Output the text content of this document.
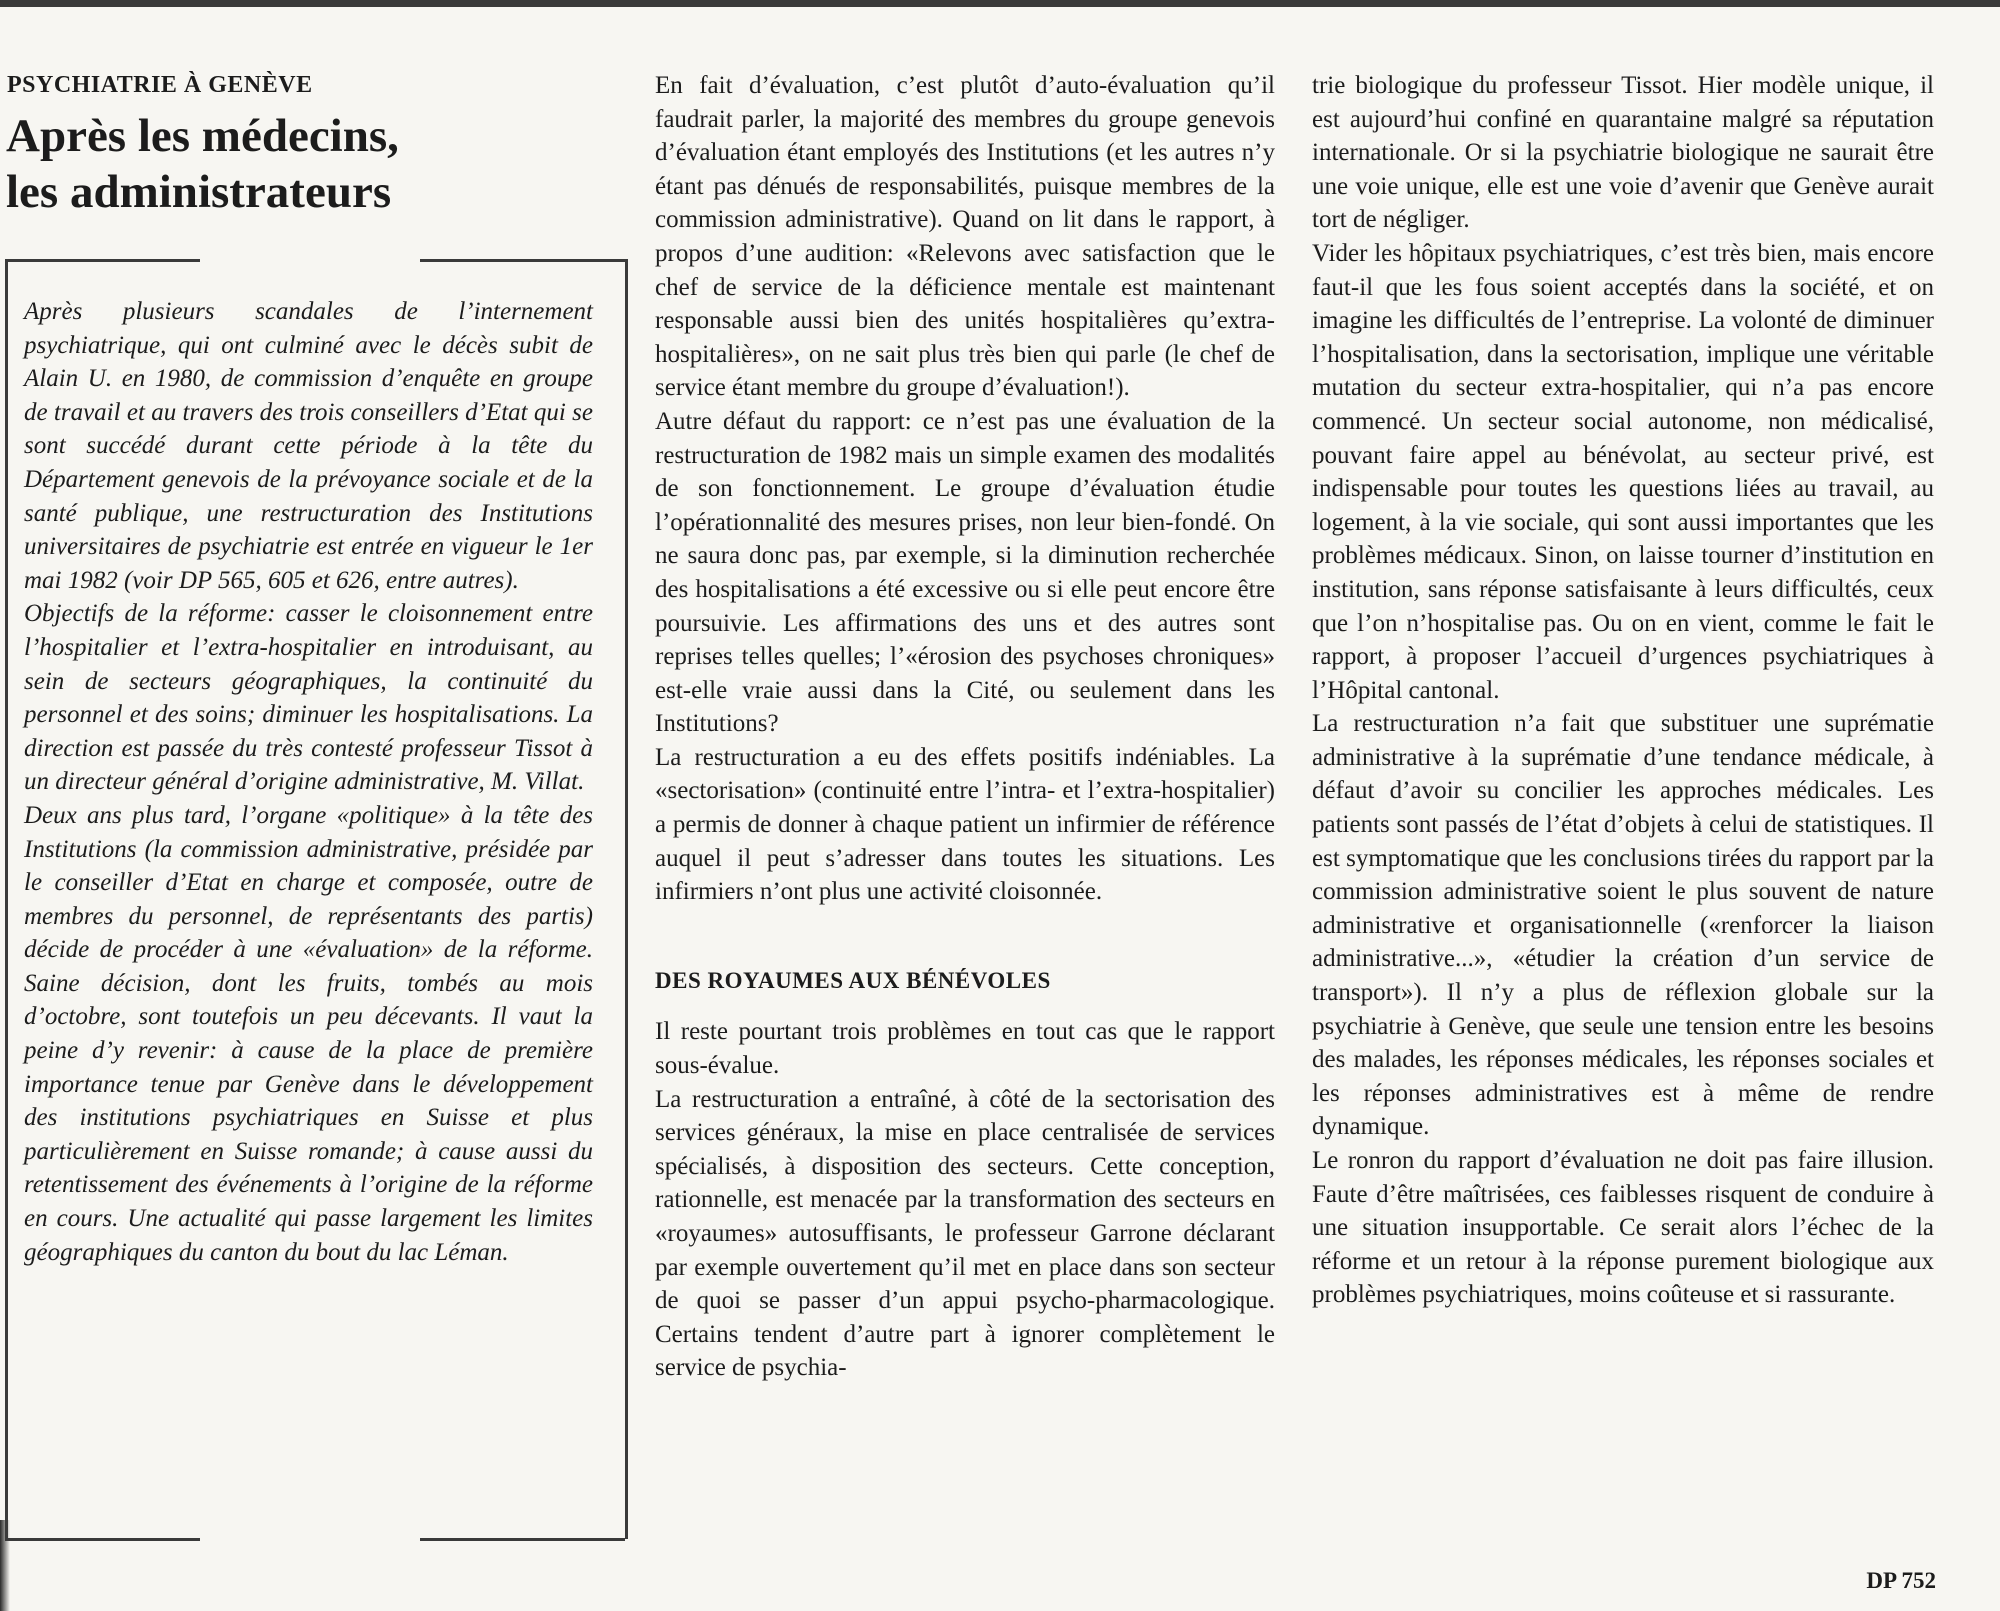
PSYCHIATRIE À GENÈVE

Après les médecins,
les administrateurs

Après plusieurs scandales de l’internement psychiatrique, qui ont culminé avec le décès subit de Alain U. en 1980, de commission d’enquête en groupe de travail et au travers des trois conseillers d’Etat qui se sont succédé durant cette période à la tête du Département genevois de la prévoyance sociale et de la santé publique, une restructuration des Institutions universitaires de psychiatrie est entrée en vigueur le 1er mai 1982 (voir DP 565, 605 et 626, entre autres).

Objectifs de la réforme: casser le cloisonnement entre l’hospitalier et l’extra-hospitalier en introduisant, au sein de secteurs géographiques, la continuité du personnel et des soins; diminuer les hospitalisations. La direction est passée du très contesté professeur Tissot à un directeur général d’origine administrative, M. Villat.

Deux ans plus tard, l’organe «politique» à la tête des Institutions (la commission administrative, présidée par le conseiller d’Etat en charge et composée, outre de membres du personnel, de représentants des partis) décide de procéder à une «évaluation» de la réforme. Saine décision, dont les fruits, tombés au mois d’octobre, sont toutefois un peu décevants. Il vaut la peine d’y revenir: à cause de la place de première importance tenue par Genève dans le développement des institutions psychiatriques en Suisse et plus particulièrement en Suisse romande; à cause aussi du retentissement des événements à l’origine de la réforme en cours. Une actualité qui passe largement les limites géographiques du canton du bout du lac Léman.

En fait d’évaluation, c’est plutôt d’auto-évaluation qu’il faudrait parler, la majorité des membres du groupe genevois d’évaluation étant employés des Institutions (et les autres n’y étant pas dénués de responsabilités, puisque membres de la commission administrative). Quand on lit dans le rapport, à propos d’une audition: «Relevons avec satisfaction que le chef de service de la déficience mentale est maintenant responsable aussi bien des unités hospitalières qu’extra-hospitalières», on ne sait plus très bien qui parle (le chef de service étant membre du groupe d’évaluation!).

Autre défaut du rapport: ce n’est pas une évaluation de la restructuration de 1982 mais un simple examen des modalités de son fonctionnement. Le groupe d’évaluation étudie l’opérationnalité des mesures prises, non leur bien-fondé. On ne saura donc pas, par exemple, si la diminution recherchée des hospitalisations a été excessive ou si elle peut encore être poursuivie. Les affirmations des uns et des autres sont reprises telles quelles; l’«érosion des psychoses chroniques» est-elle vraie aussi dans la Cité, ou seulement dans les Institutions?

La restructuration a eu des effets positifs indéniables. La «sectorisation» (continuité entre l’intra- et l’extra-hospitalier) a permis de donner à chaque patient un infirmier de référence auquel il peut s’adresser dans toutes les situations. Les infirmiers n’ont plus une activité cloisonnée.

DES ROYAUMES AUX BÉNÉVOLES

Il reste pourtant trois problèmes en tout cas que le rapport sous-évalue.

La restructuration a entraîné, à côté de la sectorisation des services généraux, la mise en place centralisée de services spécialisés, à disposition des secteurs. Cette conception, rationnelle, est menacée par la transformation des secteurs en «royaumes» autosuffisants, le professeur Garrone déclarant par exemple ouvertement qu’il met en place dans son secteur de quoi se passer d’un appui psycho-pharmacologique. Certains tendent d’autre part à ignorer complètement le service de psychia-

trie biologique du professeur Tissot. Hier modèle unique, il est aujourd’hui confiné en quarantaine malgré sa réputation internationale. Or si la psychiatrie biologique ne saurait être une voie unique, elle est une voie d’avenir que Genève aurait tort de négliger.

Vider les hôpitaux psychiatriques, c’est très bien, mais encore faut-il que les fous soient acceptés dans la société, et on imagine les difficultés de l’entreprise. La volonté de diminuer l’hospitalisation, dans la sectorisation, implique une véritable mutation du secteur extra-hospitalier, qui n’a pas encore commencé. Un secteur social autonome, non médicalisé, pouvant faire appel au bénévolat, au secteur privé, est indispensable pour toutes les questions liées au travail, au logement, à la vie sociale, qui sont aussi importantes que les problèmes médicaux. Sinon, on laisse tourner d’institution en institution, sans réponse satisfaisante à leurs difficultés, ceux que l’on n’hospitalise pas. Ou on en vient, comme le fait le rapport, à proposer l’accueil d’urgences psychiatriques à l’Hôpital cantonal.

La restructuration n’a fait que substituer une suprématie administrative à la suprématie d’une tendance médicale, à défaut d’avoir su concilier les approches médicales. Les patients sont passés de l’état d’objets à celui de statistiques. Il est symptomatique que les conclusions tirées du rapport par la commission administrative soient le plus souvent de nature administrative et organisationnelle («renforcer la liaison administrative...», «étudier la création d’un service de transport»). Il n’y a plus de réflexion globale sur la psychiatrie à Genève, que seule une tension entre les besoins des malades, les réponses médicales, les réponses sociales et les réponses administratives est à même de rendre dynamique.

Le ronron du rapport d’évaluation ne doit pas faire illusion. Faute d’être maîtrisées, ces faiblesses risquent de conduire à une situation insupportable. Ce serait alors l’échec de la réforme et un retour à la réponse purement biologique aux problèmes psychiatriques, moins coûteuse et si rassurante.

DP 752
